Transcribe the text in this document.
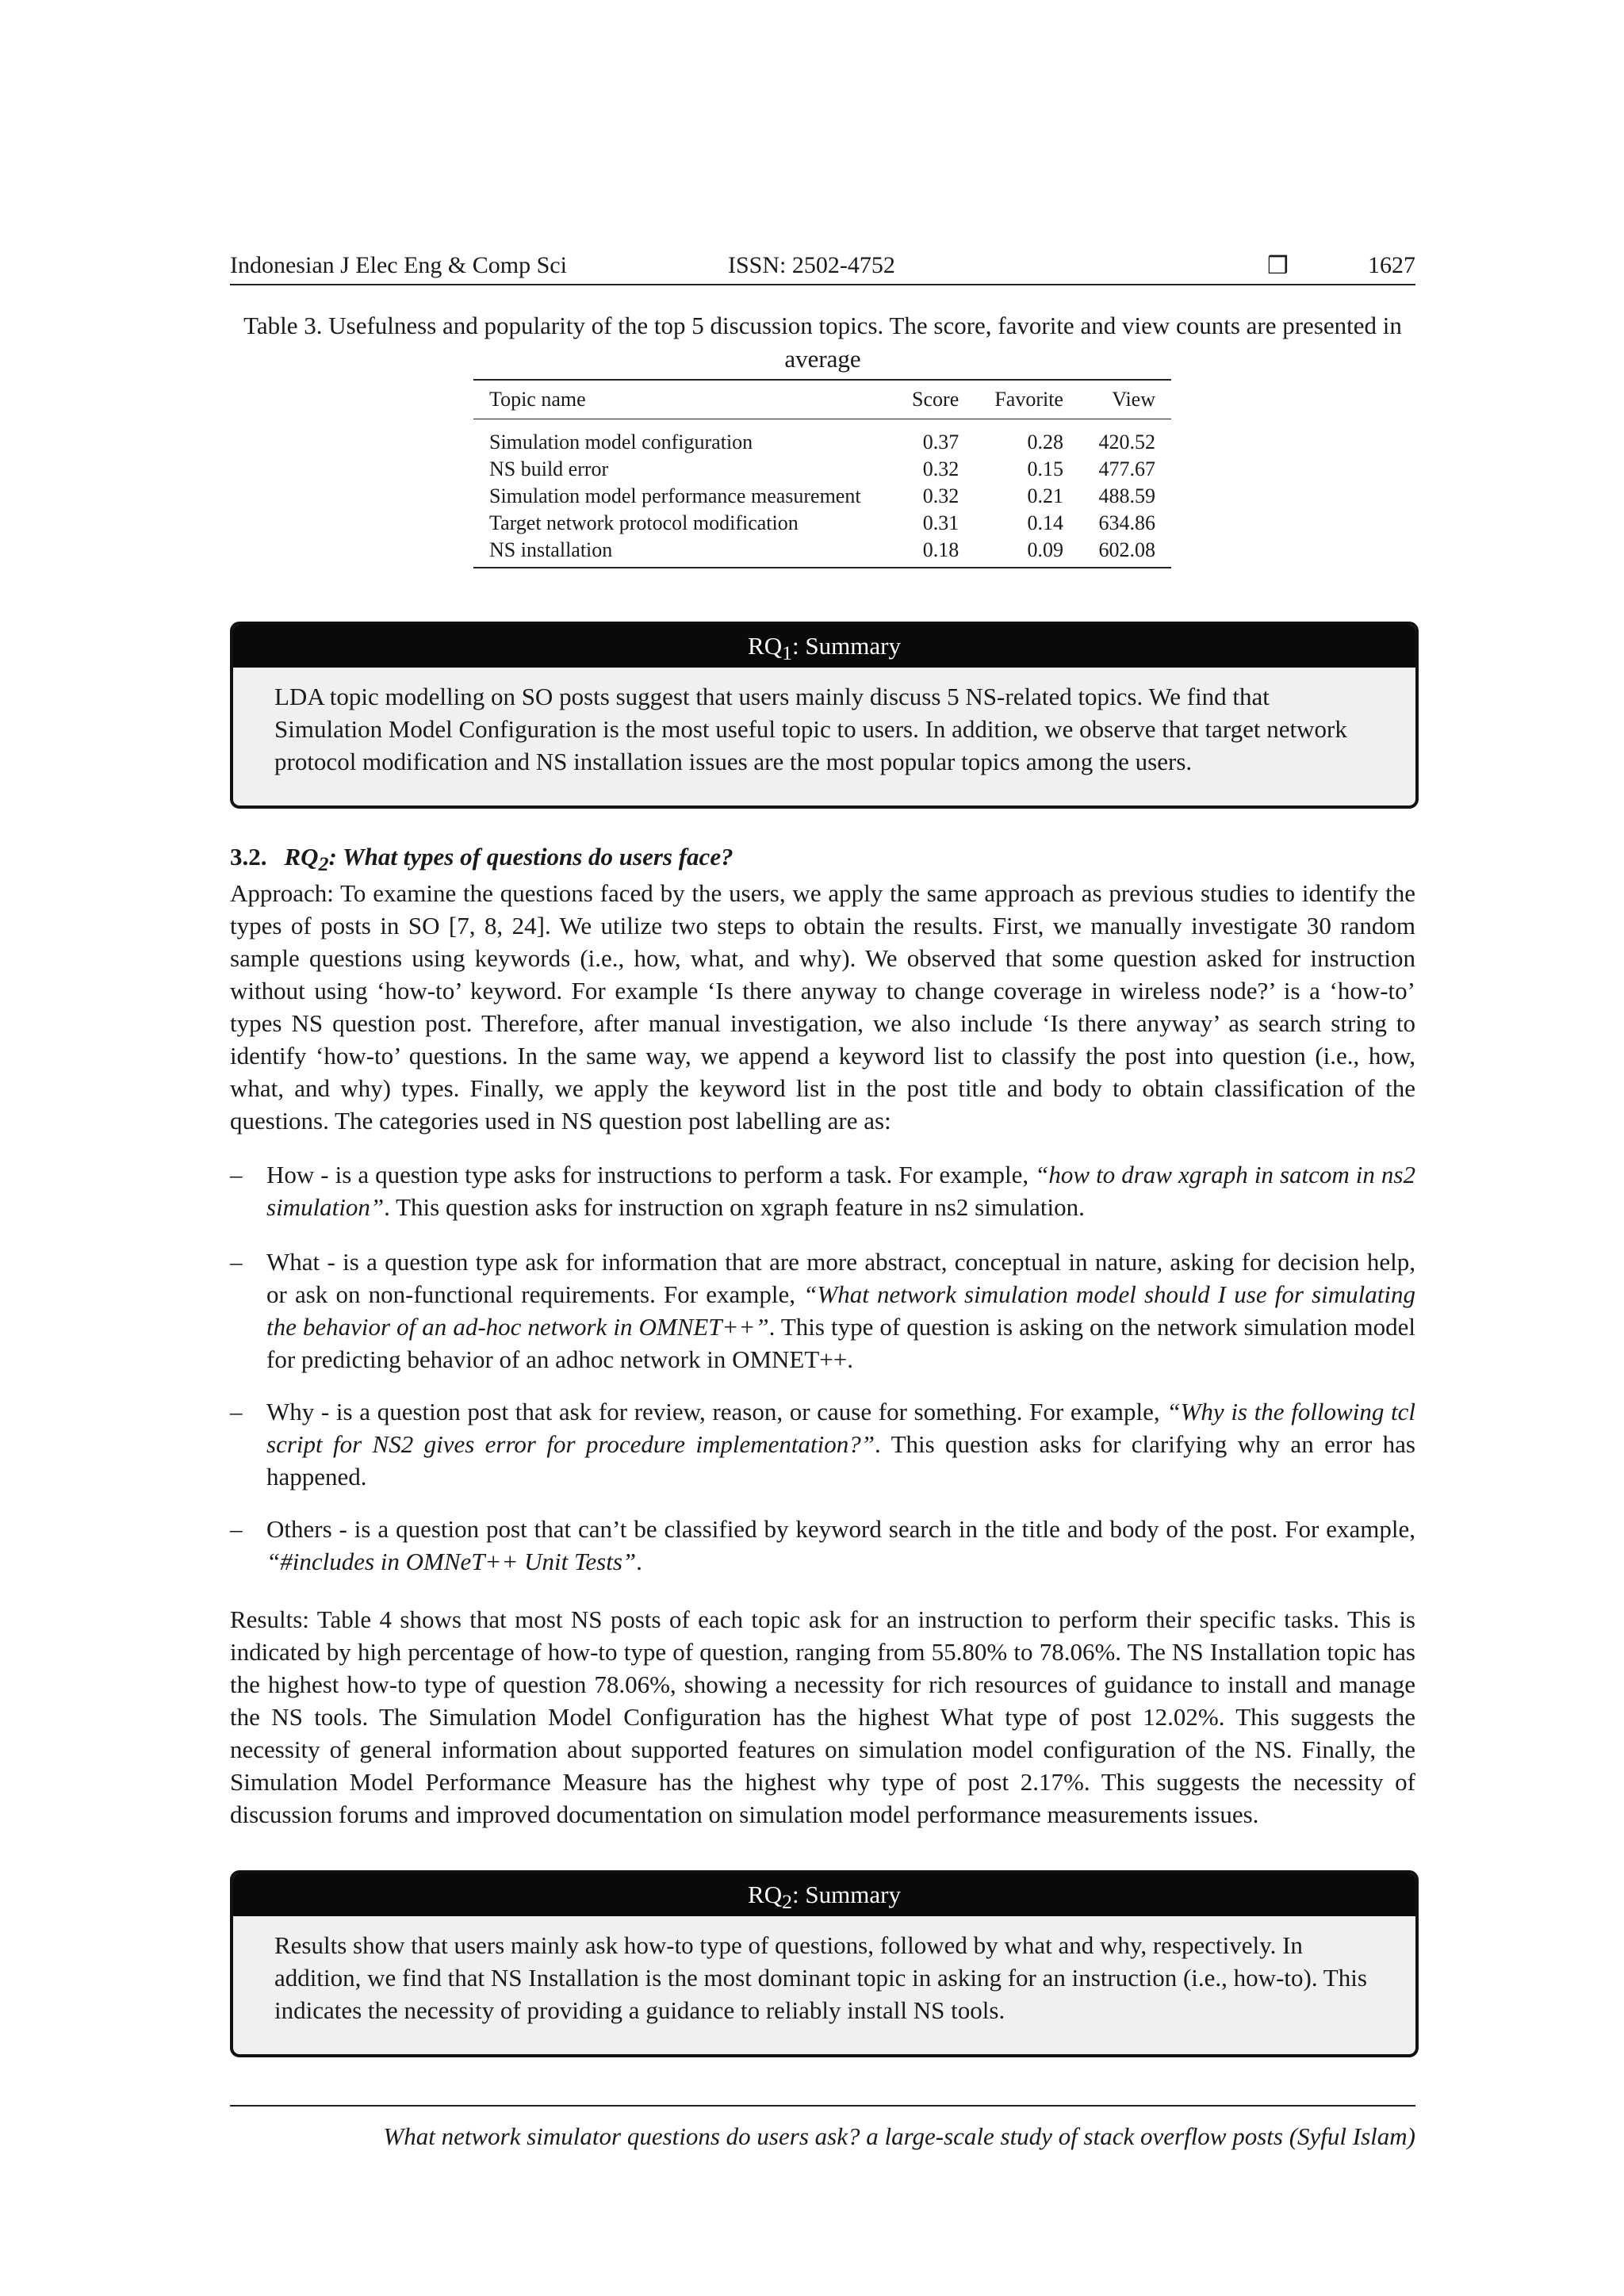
Indonesian J Elec Eng & Comp Sci	ISSN: 2502-4752	❒	1627
Table 3. Usefulness and popularity of the top 5 discussion topics. The score, favorite and view counts are presented in average
Topic name	Score	Favorite	View
Simulation model configuration	0.37	0.28	420.52
NS build error	0.32	0.15	477.67
Simulation model performance measurement	0.32	0.21	488.59
Target network protocol modification	0.31	0.14	634.86
NS installation	0.18	0.09	602.08
$RQ_1$: Summary
LDA topic modelling on SO posts suggest that users mainly discuss 5 NS-related topics. We find that Simulation Model Configuration is the most useful topic to users. In addition, we observe that target network protocol modification and NS installation issues are the most popular topics among the users.
3.2. $RQ_2$: What types of questions do users face?
Approach: To examine the questions faced by the users, we apply the same approach as previous studies to identify the types of posts in SO [7, 8, 24]. We utilize two steps to obtain the results. First, we manually investigate 30 random sample questions using keywords (i.e., how, what, and why). We observed that some question asked for instruction without using ‘how-to’ keyword. For example ‘Is there anyway to change coverage in wireless node?’ is a ‘how-to’ types NS question post. Therefore, after manual investigation, we also include ‘Is there anyway’ as search string to identify ‘how-to’ questions. In the same way, we append a keyword list to classify the post into question (i.e., how, what, and why) types. Finally, we apply the keyword list in the post title and body to obtain classification of the questions. The categories used in NS question post labelling are as:
– How - is a question type asks for instructions to perform a task. For example, “how to draw xgraph in satcom in ns2 simulation”. This question asks for instruction on xgraph feature in ns2 simulation.
– What - is a question type ask for information that are more abstract, conceptual in nature, asking for decision help, or ask on non-functional requirements. For example, “What network simulation model should I use for simulating the behavior of an ad-hoc network in OMNET++”. This type of question is asking on the network simulation model for predicting behavior of an adhoc network in OMNET++.
– Why - is a question post that ask for review, reason, or cause for something. For example, “Why is the following tcl script for NS2 gives error for procedure implementation?”. This question asks for clarifying why an error has happened.
– Others - is a question post that can’t be classified by keyword search in the title and body of the post. For example, “#includes in OMNeT++ Unit Tests”.
Results: Table 4 shows that most NS posts of each topic ask for an instruction to perform their specific tasks. This is indicated by high percentage of how-to type of question, ranging from 55.80% to 78.06%. The NS Installation topic has the highest how-to type of question 78.06%, showing a necessity for rich resources of guidance to install and manage the NS tools. The Simulation Model Configuration has the highest What type of post 12.02%. This suggests the necessity of general information about supported features on simulation model configuration of the NS. Finally, the Simulation Model Performance Measure has the highest why type of post 2.17%. This suggests the necessity of discussion forums and improved documentation on simulation model performance measurements issues.
$RQ_2$: Summary
Results show that users mainly ask how-to type of questions, followed by what and why, respectively. In addition, we find that NS Installation is the most dominant topic in asking for an instruction (i.e., how-to). This indicates the necessity of providing a guidance to reliably install NS tools.
What network simulator questions do users ask? a large-scale study of stack overflow posts (Syful Islam)
